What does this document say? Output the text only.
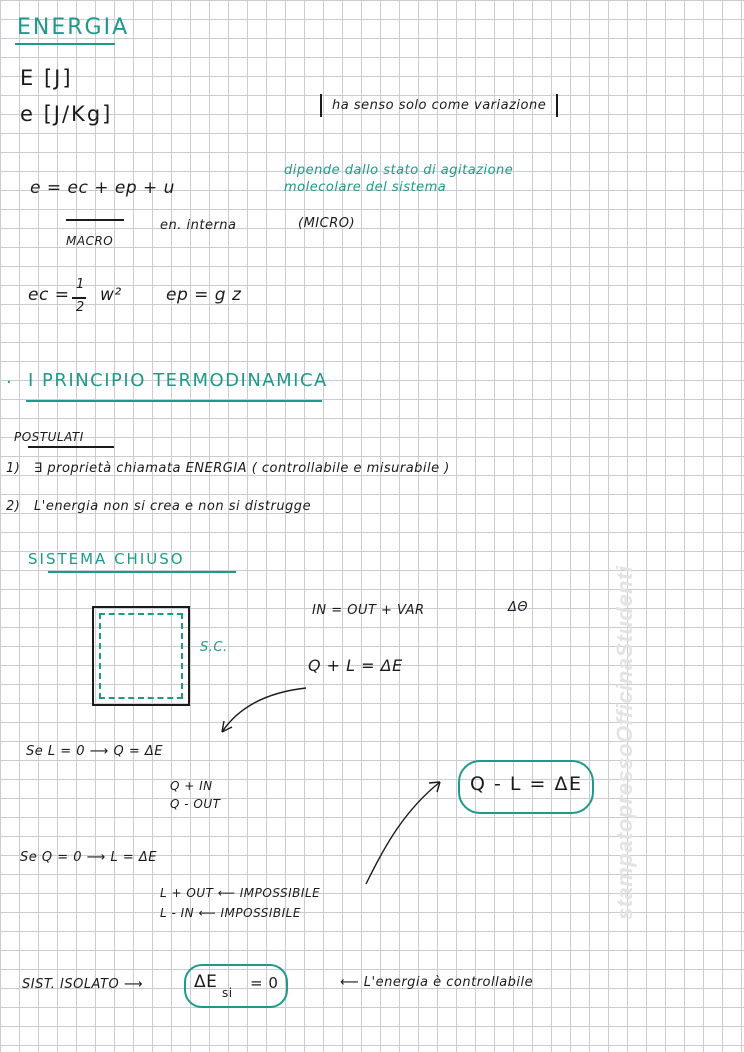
ENERGIA
E [J]
e [J/Kg]	ha senso solo come variazione
dipende dallo stato di agitazione
molecolare del sistema
e = ec + ep + u
MACRO
en. interna	(MICRO)
ec =
1
2
w²	ep = g z
· I PRINCIPIO TERMODINAMICA
POSTULATI
1) ∃ proprietà chiamata ENERGIA ( controllabile e misurabile )
2) L'energia non si crea e non si distrugge
SISTEMA CHIUSO
S.C.
IN = OUT + VAR	ΔΘ
Q + L = ΔE
Se L = 0 ⟶ Q = ΔE
Q + IN
Q - OUT
Q - L = ΔE
Se Q = 0 ⟶ L = ΔE
L + OUT ⟵ IMPOSSIBILE
L - IN ⟵ IMPOSSIBILE
SIST. ISOLATO ⟶	ΔE
si
= 0	⟵ L'energia è controllabile
stampatopressoOfficinaStudenti
